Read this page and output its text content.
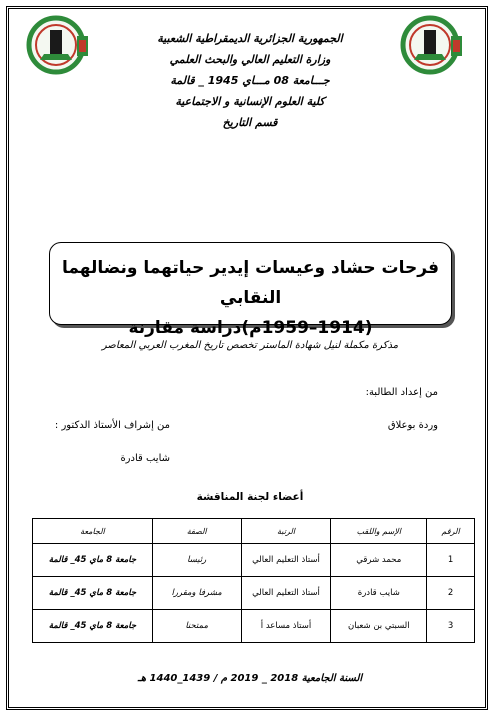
الجمهورية الجزائرية الديمقراطية الشعبية
وزارة التعليم العالي والبحث العلمي
جـــامعة 08 مـــاي 1945 _ قالمة
كلية العلوم الإنسانية و الاجتماعية
قسم التاريخ
فرحات حشاد وعيسات إيدير حياتهما ونضالهما النقابي
(1914–1959م)دراسة مقارنة
مذكرة مكملة لنيل شهادة الماستر تخصص تاريخ المغرب العربي المعاصر
من إعداد الطالبة:
وردة بوعلاق
من إشراف الأستاذ الدكتور :
شايب قادرة
أعضاء لجنة المناقشة
الرقم	الإسم واللقب	الرتبة	الصفة	الجامعة
1	محمد شرقي	أستاذ التعليم العالي	رئيسا	جامعة 8 ماي 45_ قالمة
2	شايب قادرة	أستاذ التعليم العالي	مشرفا ومقررا	جامعة 8 ماي 45_ قالمة
3	السبتي بن شعبان	أستاذ مساعد أ	ممتحنا	جامعة 8 ماي 45_ قالمة
السنة الجامعية 2018 _ 2019 م / 1439_1440 هـ
